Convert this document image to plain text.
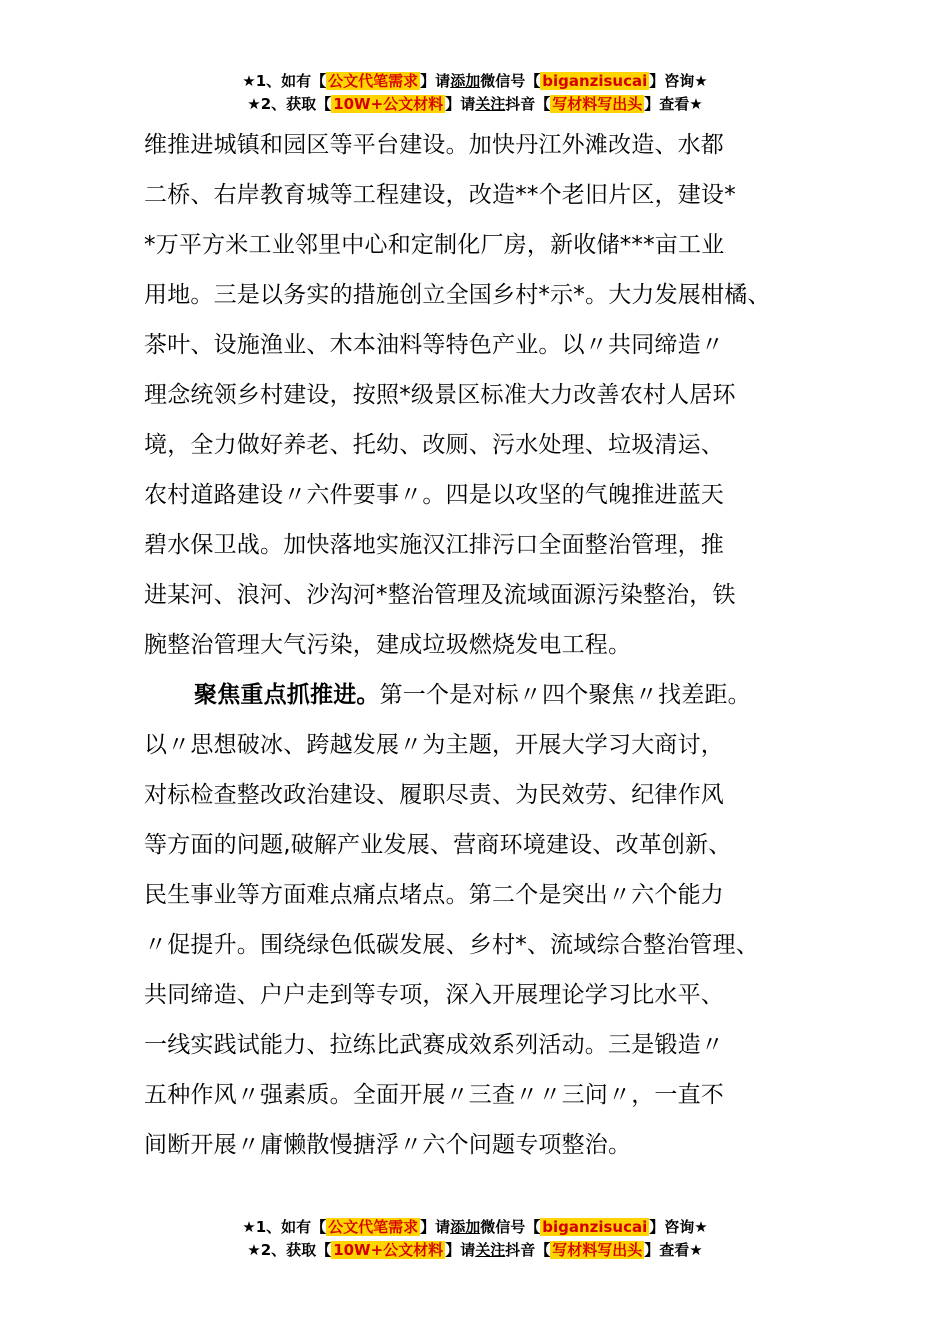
★1、如有【 公文代笔需求 】请添加微信号【 biganzisucai 】咨询★
★2、获取【 10W+公文材料 】请关注抖音【 写材料写出头 】查看★

维推进城镇和园区等平台建设。加快丹江外滩改造、水都
二桥、右岸教育城等工程建设，改造**个老旧片区，建设*
*万平方米工业邻里中心和定制化厂房，新收储***亩工业
用地。三是以务实的措施创立全国乡村*示*。大力发展柑橘、
茶叶、设施渔业、木本油料等特色产业。以〃共同缔造〃
理念统领乡村建设，按照*级景区标准大力改善农村人居环
境，全力做好养老、托幼、改厕、污水处理、垃圾清运、
农村道路建设〃六件要事〃。四是以攻坚的气魄推进蓝天
碧水保卫战。加快落地实施汉江排污口全面整治管理，推
进某河、浪河、沙沟河*整治管理及流域面源污染整治，铁
腕整治管理大气污染，建成垃圾燃烧发电工程。

聚焦重点抓推进。第一个是对标〃四个聚焦〃找差距。
以〃思想破冰、跨越发展〃为主题，开展大学习大商讨，
对标检查整改政治建设、履职尽责、为民效劳、纪律作风
等方面的问题,破解产业发展、营商环境建设、改革创新、
民生事业等方面难点痛点堵点。第二个是突出〃六个能力
〃促提升。围绕绿色低碳发展、乡村*、流域综合整治管理、
共同缔造、户户走到等专项，深入开展理论学习比水平、
一线实践试能力、拉练比武赛成效系列活动。三是锻造〃
五种作风〃强素质。全面开展〃三查〃〃三问〃，一直不
间断开展〃庸懒散慢搪浮〃六个问题专项整治。

★1、如有【 公文代笔需求 】请添加微信号【 biganzisucai 】咨询★
★2、获取【 10W+公文材料 】请关注抖音【 写材料写出头 】查看★
